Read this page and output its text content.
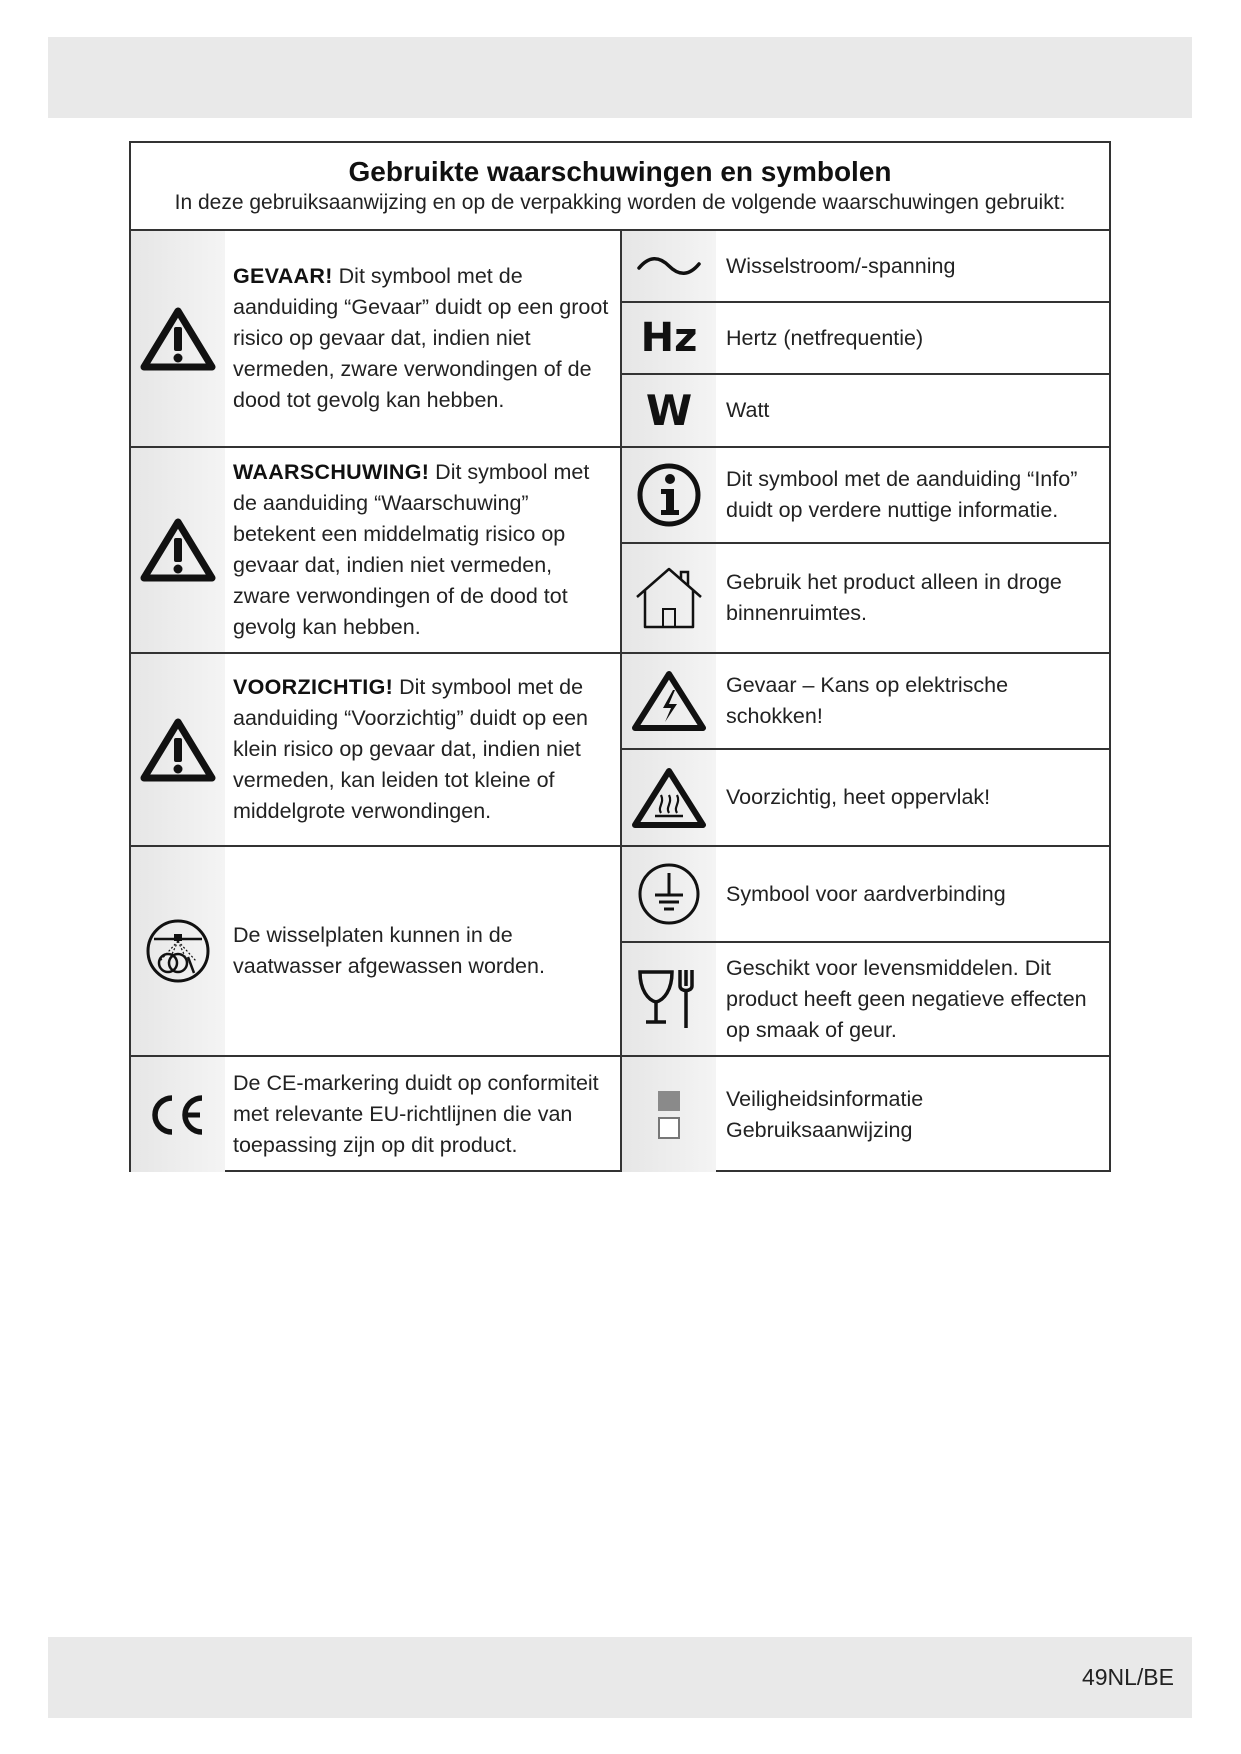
Gebruikte waarschuwingen en symbolen
In deze gebruiksaanwijzing en op de verpakking worden de volgende waarschuwingen gebruikt:
GEVAAR! Dit symbool met de aanduiding “Gevaar” duidt op een groot risico op gevaar dat, indien niet vermeden, zware verwondingen of de dood tot gevolg kan hebben.
WAARSCHUWING! Dit symbool met de aanduiding “Waarschuwing” betekent een middelmatig risico op gevaar dat, indien niet vermeden, zware verwondingen of de dood tot gevolg kan hebben.
VOORZICHTIG! Dit symbool met de aanduiding “Voorzichtig” duidt op een klein risico op gevaar dat, indien niet vermeden, kan leiden tot kleine of middelgrote verwondingen.
De wisselplaten kunnen in de vaatwasser afgewassen worden.
De CE-markering duidt op conformiteit met relevante EU-richtlijnen die van toepassing zijn op dit product.
Wisselstroom/-spanning
Hz Hertz (netfrequentie)
W Watt
Dit symbool met de aanduiding “Info” duidt op verdere nuttige informatie.
Gebruik het product alleen in droge binnenruimtes.
Gevaar – Kans op elektrische schokken!
Voorzichtig, heet oppervlak!
Symbool voor aardverbinding
Geschikt voor levensmiddelen. Dit product heeft geen negatieve effecten op smaak of geur.
Veiligheidsinformatie Gebruiksaanwijzing
49NL/BE
